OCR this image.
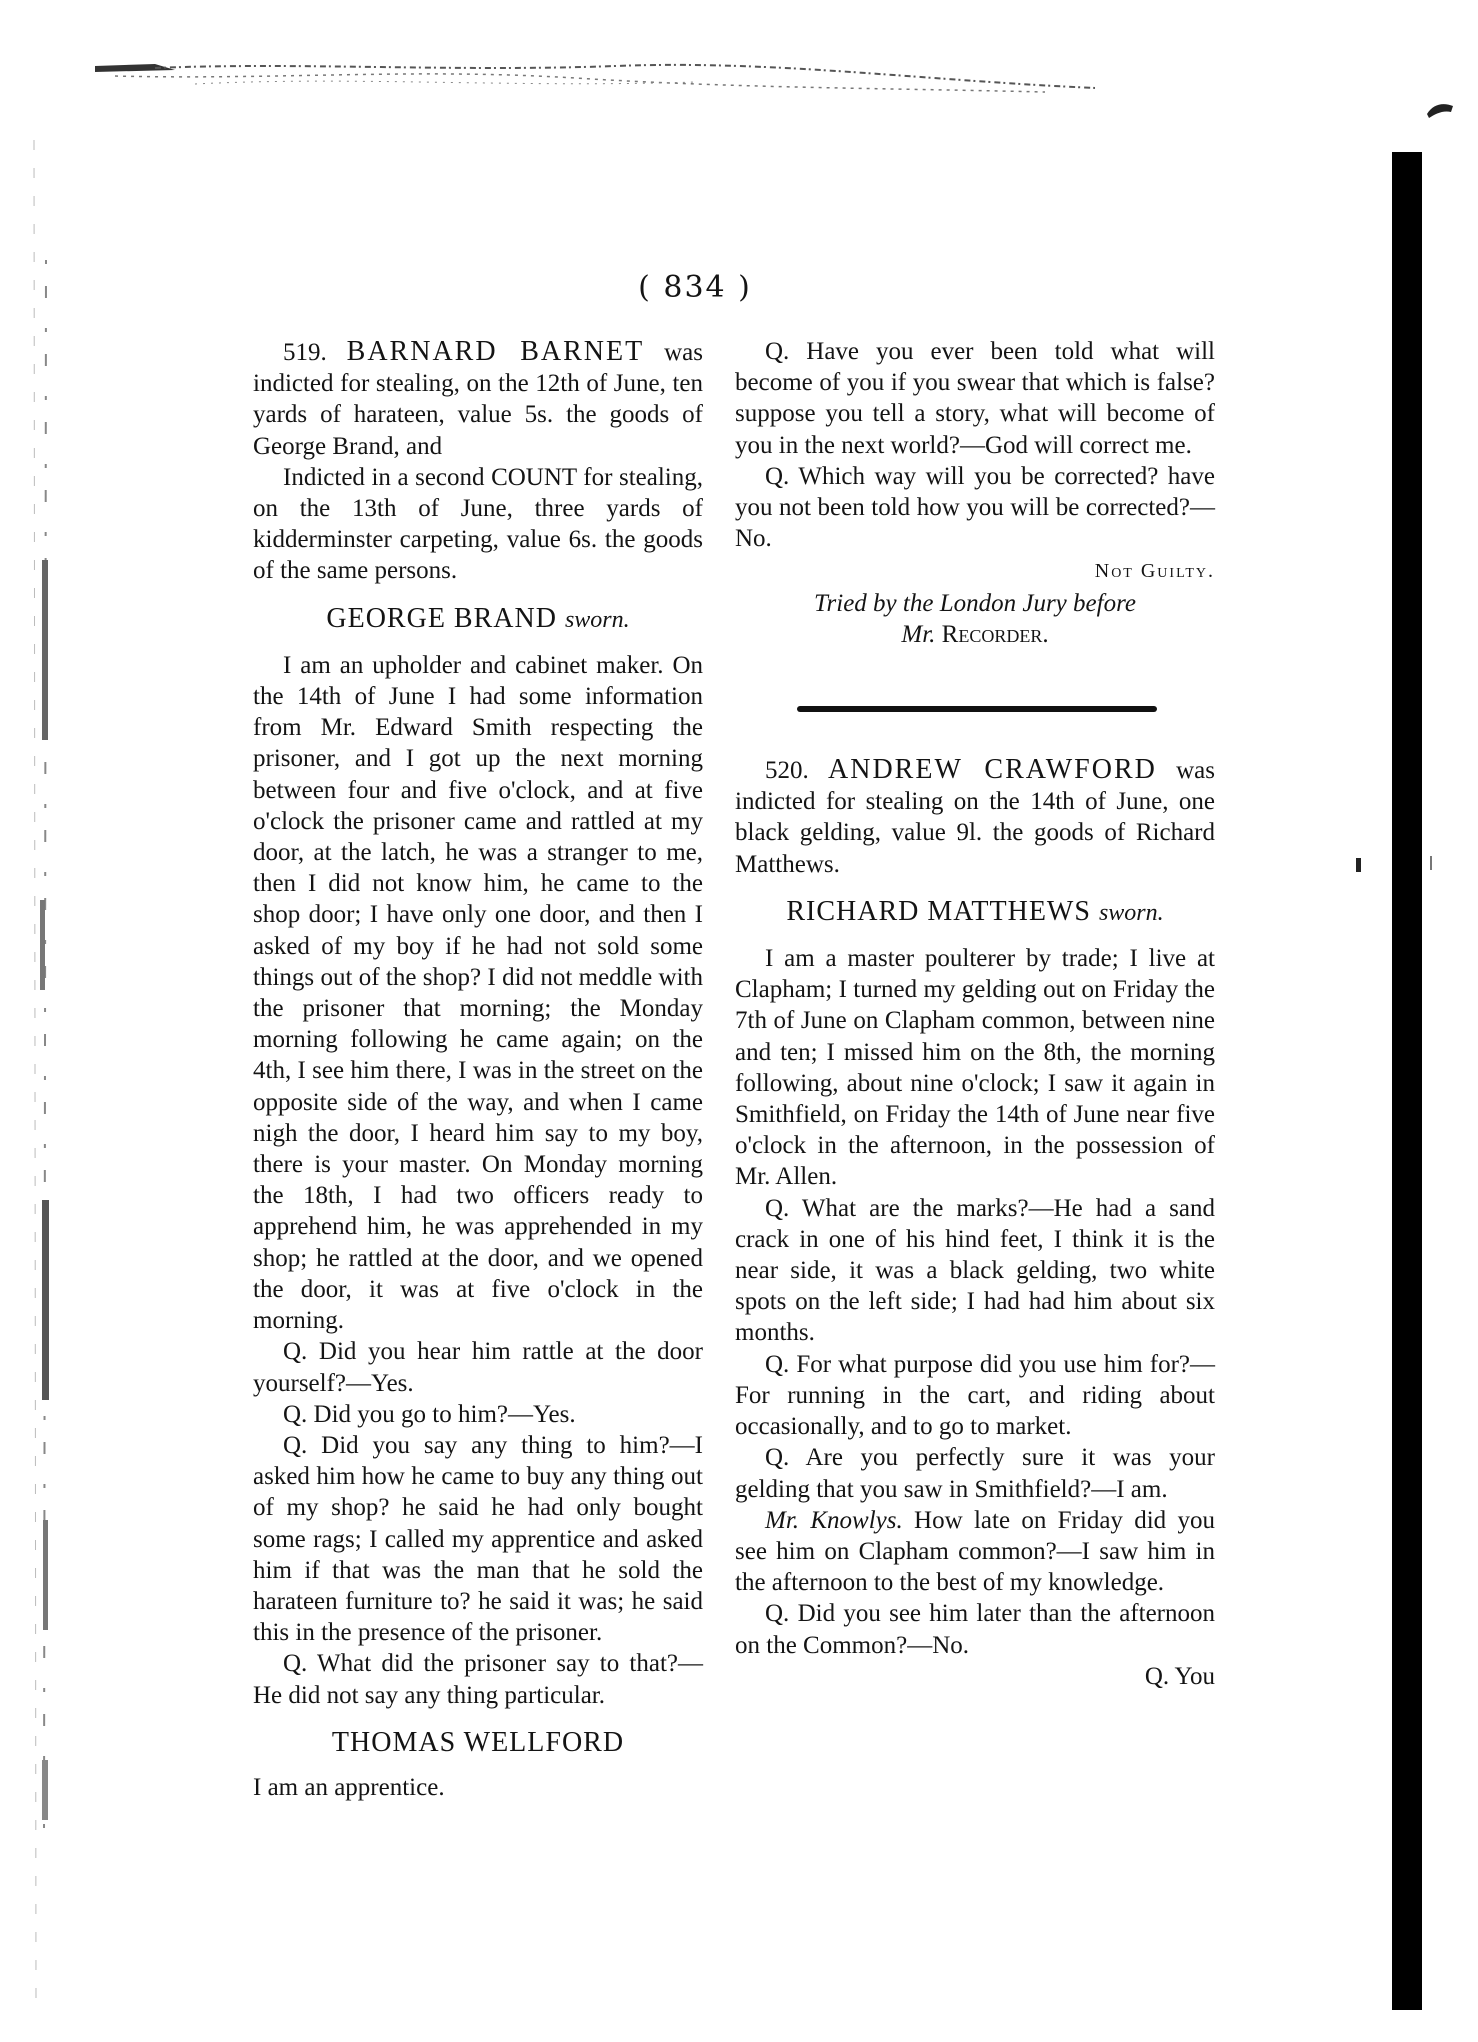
( 834 )

519. BARNARD BARNET was indicted for stealing, on the 12th of June, ten yards of harateen, value 5s. the goods of George Brand, and

Indicted in a second COUNT for stealing, on the 13th of June, three yards of kidderminster carpeting, value 6s. the goods of the same persons.

GEORGE BRAND sworn.

I am an upholder and cabinet maker. On the 14th of June I had some information from Mr. Edward Smith respecting the prisoner, and I got up the next morning between four and five o'clock, and at five o'clock the prisoner came and rattled at my door, at the latch, he was a stranger to me, then I did not know him, he came to the shop door; I have only one door, and then I asked of my boy if he had not sold some things out of the shop? I did not meddle with the prisoner that morning; the Monday morning following he came again; on the 4th, I see him there, I was in the street on the opposite side of the way, and when I came nigh the door, I heard him say to my boy, there is your master. On Monday morning the 18th, I had two officers ready to apprehend him, he was apprehended in my shop; he rattled at the door, and we opened the door, it was at five o'clock in the morning.

Q. Did you hear him rattle at the door yourself?—Yes.

Q. Did you go to him?—Yes.

Q. Did you say any thing to him?—I asked him how he came to buy any thing out of my shop? he said he had only bought some rags; I called my apprentice and asked him if that was the man that he sold the harateen furniture to? he said it was; he said this in the presence of the prisoner.

Q. What did the prisoner say to that?—He did not say any thing particular.

THOMAS WELLFORD

I am an apprentice.

Q. Have you ever been told what will become of you if you swear that which is false? suppose you tell a story, what will become of you in the next world?—God will correct me.

Q. Which way will you be corrected? have you not been told how you will be corrected?—No.

Not Guilty.

Tried by the London Jury before
Mr. Recorder.

520. ANDREW CRAWFORD was indicted for stealing on the 14th of June, one black gelding, value 9l. the goods of Richard Matthews.

RICHARD MATTHEWS sworn.

I am a master poulterer by trade; I live at Clapham; I turned my gelding out on Friday the 7th of June on Clapham common, between nine and ten; I missed him on the 8th, the morning following, about nine o'clock; I saw it again in Smithfield, on Friday the 14th of June near five o'clock in the afternoon, in the possession of Mr. Allen.

Q. What are the marks?—He had a sand crack in one of his hind feet, I think it is the near side, it was a black gelding, two white spots on the left side; I had had him about six months.

Q. For what purpose did you use him for?—For running in the cart, and riding about occasionally, and to go to market.

Q. Are you perfectly sure it was your gelding that you saw in Smithfield?—I am.

Mr. Knowlys. How late on Friday did you see him on Clapham common?—I saw him in the afternoon to the best of my knowledge.

Q. Did you see him later than the afternoon on the Common?—No.

Q. You
